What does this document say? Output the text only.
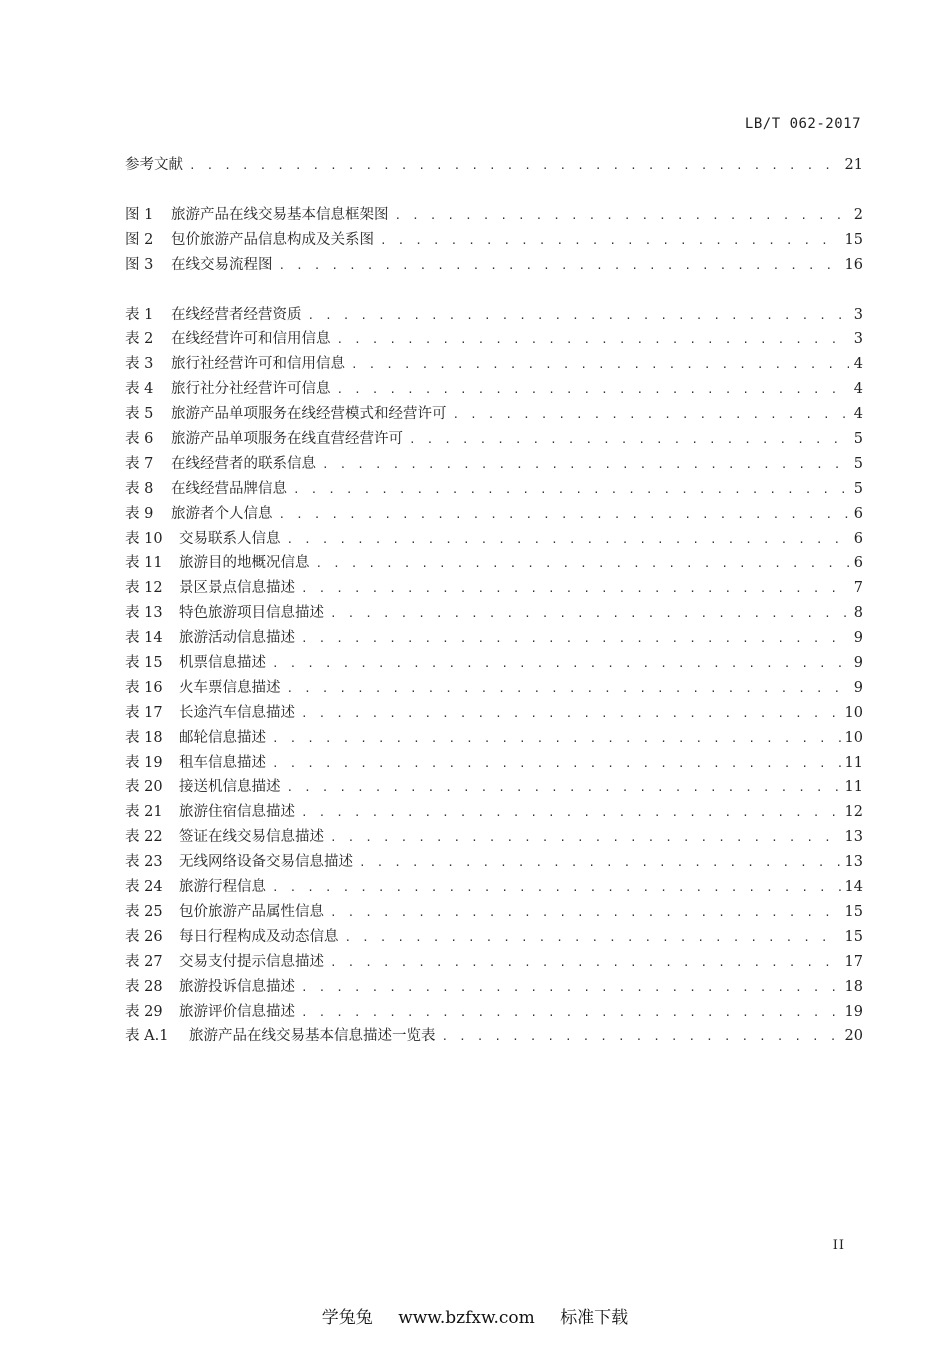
LB/T 062-2017
参考文献 . . .	21
图 1	旅游产品在线交易基本信息框架图 . . .	2
图 2	包价旅游产品信息构成及关系图 . . .	15
图 3	在线交易流程图 . . .	16
表 1	在线经营者经营资质 . . .	3
表 2	在线经营许可和信用信息 . . .	3
表 3	旅行社经营许可和信用信息 . . .	4
表 4	旅行社分社经营许可信息 . . .	4
表 5	旅游产品单项服务在线经营模式和经营许可 . . .	4
表 6	旅游产品单项服务在线直营经营许可 . . .	5
表 7	在线经营者的联系信息 . . .	5
表 8	在线经营品牌信息 . . .	5
表 9	旅游者个人信息 . . .	6
表 10	交易联系人信息 . . .	6
表 11	旅游目的地概况信息 . . .	6
表 12	景区景点信息描述 . . .	7
表 13	特色旅游项目信息描述 . . .	8
表 14	旅游活动信息描述 . . .	9
表 15	机票信息描述 . . .	9
表 16	火车票信息描述 . . .	9
表 17	长途汽车信息描述 . . .	10
表 18	邮轮信息描述 . . .	10
表 19	租车信息描述 . . .	11
表 20	接送机信息描述 . . .	11
表 21	旅游住宿信息描述 . . .	12
表 22	签证在线交易信息描述 . . .	13
表 23	无线网络设备交易信息描述 . . .	13
表 24	旅游行程信息 . . .	14
表 25	包价旅游产品属性信息 . . .	15
表 26	每日行程构成及动态信息 . . .	15
表 27	交易支付提示信息描述 . . .	17
表 28	旅游投诉信息描述 . . .	18
表 29	旅游评价信息描述 . . .	19
表 A.1	旅游产品在线交易基本信息描述一览表 . . .	20
II
学兔兔 www.bzfxw.com 标准下载
